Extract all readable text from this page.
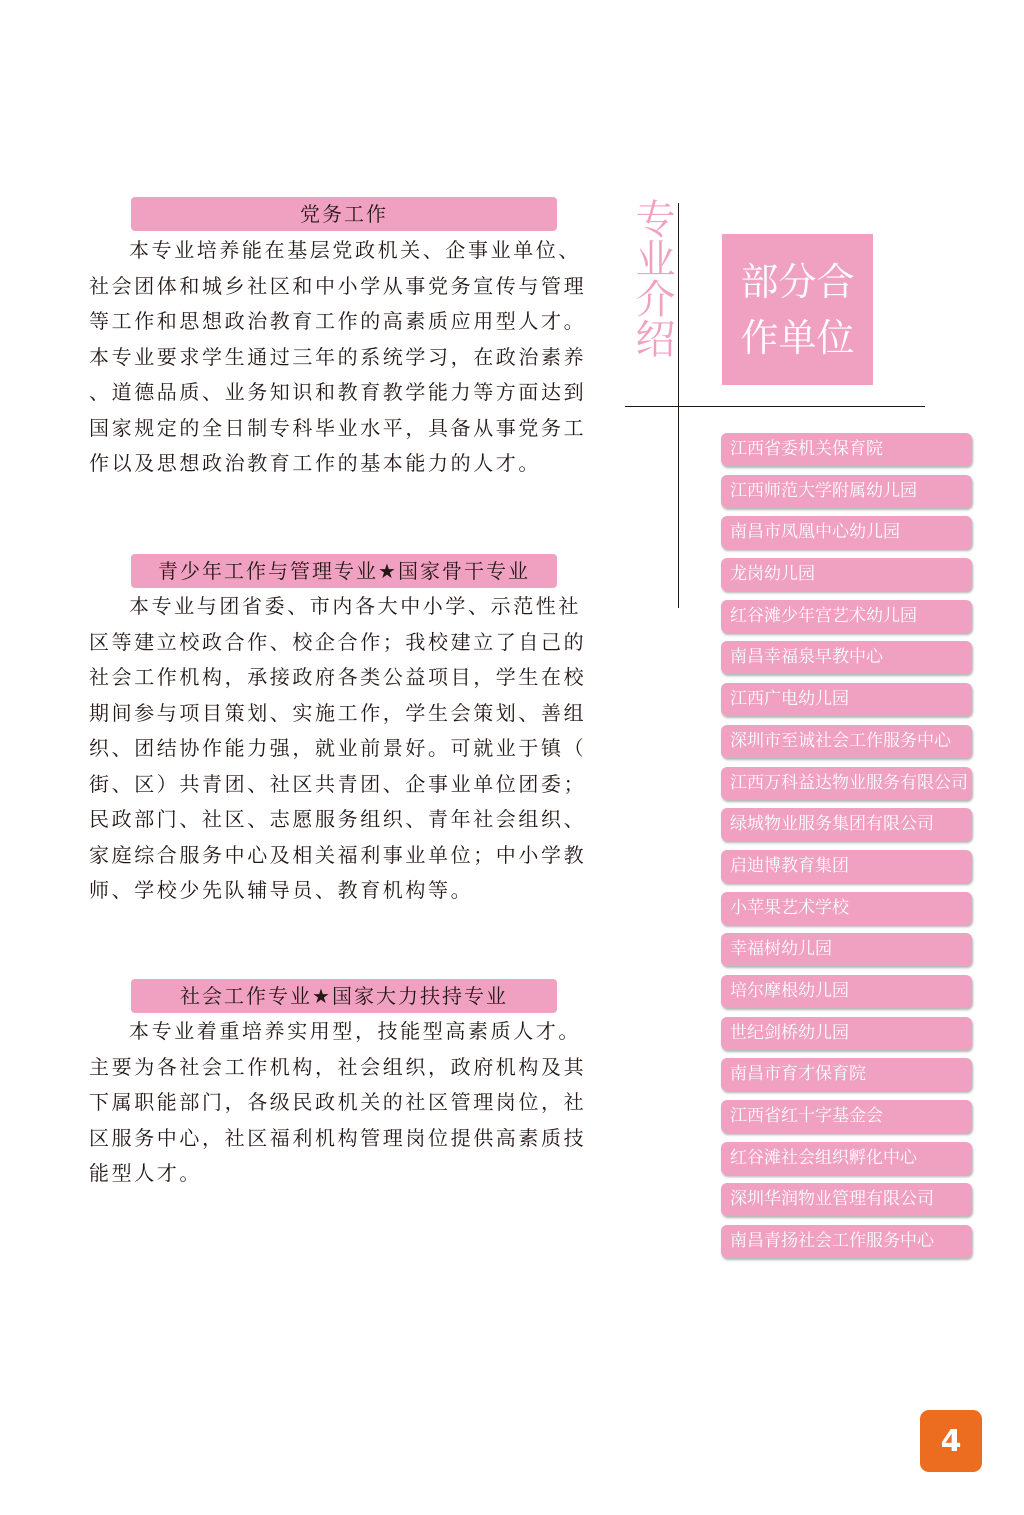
党务工作

本专业培养能在基层党政机关、企事业单位、

社会团体和城乡社区和中小学从事党务宣传与管理

等工作和思想政治教育工作的高素质应用型人才。

本专业要求学生通过三年的系统学习，在政治素养

、道德品质、业务知识和教育教学能力等方面达到

国家规定的全日制专科毕业水平，具备从事党务工

作以及思想政治教育工作的基本能力的人才。

青少年工作与管理专业★国家骨干专业

本专业与团省委、市内各大中小学、示范性社

区等建立校政合作、校企合作；我校建立了自己的

社会工作机构，承接政府各类公益项目，学生在校

期间参与项目策划、实施工作，学生会策划、善组

织、团结协作能力强，就业前景好。可就业于镇（

街、区）共青团、社区共青团、企事业单位团委；

民政部门、社区、志愿服务组织、青年社会组织、

家庭综合服务中心及相关福利事业单位；中小学教

师、学校少先队辅导员、教育机构等。

社会工作专业★国家大力扶持专业

本专业着重培养实用型，技能型高素质人才。

主要为各社会工作机构，社会组织，政府机构及其

下属职能部门，各级民政机关的社区管理岗位，社

区服务中心，社区福利机构管理岗位提供高素质技

能型人才。

专业介绍 部分合
作单位
江西省委机关保育院
江西师范大学附属幼儿园
南昌市凤凰中心幼儿园
龙岗幼儿园
红谷滩少年宫艺术幼儿园
南昌幸福泉早教中心
江西广电幼儿园
深圳市至诚社会工作服务中心
江西万科益达物业服务有限公司
绿城物业服务集团有限公司
启迪博教育集团
小苹果艺术学校
幸福树幼儿园
培尔摩根幼儿园
世纪剑桥幼儿园
南昌市育才保育院
江西省红十字基金会
红谷滩社会组织孵化中心
深圳华润物业管理有限公司
南昌青扬社会工作服务中心
4
